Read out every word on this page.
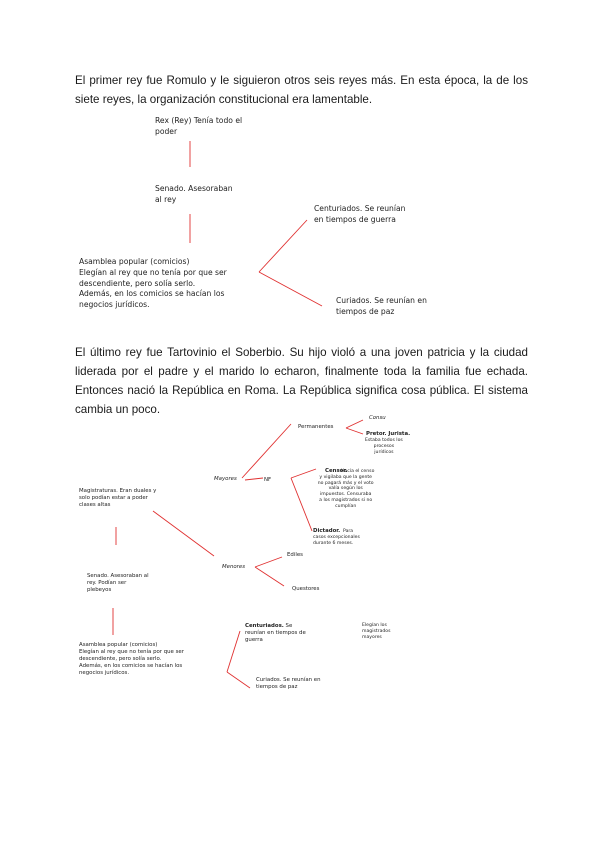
El primer rey fue Romulo y le siguieron otros seis reyes más. En esta época, la de los siete reyes, la organización constitucional era lamentable.
Rex (Rey) Tenía todo el
poder
Senado. Asesoraban
al rey
Asamblea popular (comicios)
Elegían al rey que no tenía por que ser
descendiente, pero solía serlo.
Además, en los comicios se hacían los
negocios jurídicos.
Centuriados. Se reunían
en tiempos de guerra
Curiados. Se reunían en
tiempos de paz
El último rey fue Tartovinio el Soberbio. Su hijo violó a una joven patricia y la ciudad liderada por el padre y el marido lo echaron, finalmente toda la familia fue echada. Entonces nació la República en Roma. La República significa cosa pública. El sistema cambia un poco.
Magistraturas. Eran duales y
solo podían estar a poder
clases altas
Mayores
Menores
Permanentes
NF
Consu
Pretor. Jurista.
Estaba todos los
procesos
jurídicos
Censor.
Hacía el censo
y vigilaba que la gente
no pagará más y el voto
valía según los
impuestos. Censuraba
a los magistrados si no
cumplían
Dictador. Para
casos excepcionales
durante 6 meses.
Ediles
Questores
Senado. Asesoraban al
rey. Podían ser
plebeyos
Asamblea popular (comicios)
Elegían al rey que no tenía por que ser
descendiente, pero solía serlo.
Además, en los comicios se hacían los
negocios jurídicos.
Centuriados. Se
reunían en tiempos de
guerra
Elegían los
magistrados
mayores
Curiados. Se reunían en
tiempos de paz
